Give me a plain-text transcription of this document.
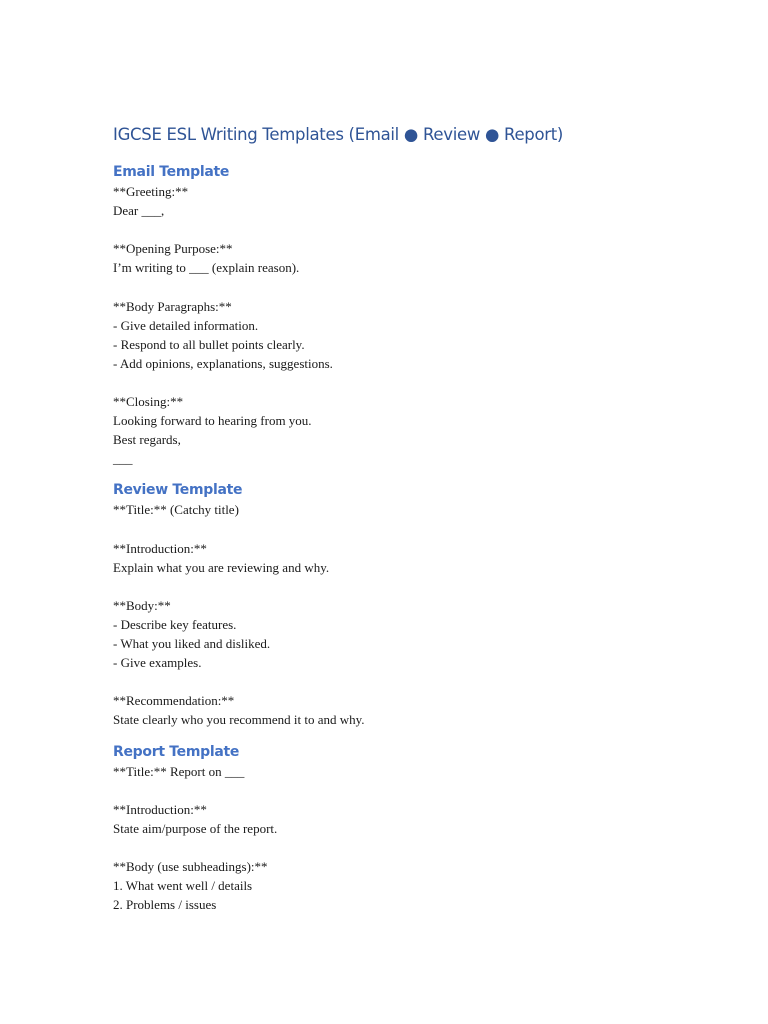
IGCSE ESL Writing Templates (Email ● Review ● Report)
Email Template
**Greeting:**
Dear ___,
**Opening Purpose:**
I’m writing to ___ (explain reason).
**Body Paragraphs:**
- Give detailed information.
- Respond to all bullet points clearly.
- Add opinions, explanations, suggestions.
**Closing:**
Looking forward to hearing from you.
Best regards,
___
Review Template
**Title:** (Catchy title)
**Introduction:**
Explain what you are reviewing and why.
**Body:**
- Describe key features.
- What you liked and disliked.
- Give examples.
**Recommendation:**
State clearly who you recommend it to and why.
Report Template
**Title:** Report on ___
**Introduction:**
State aim/purpose of the report.
**Body (use subheadings):**
1. What went well / details
2. Problems / issues
